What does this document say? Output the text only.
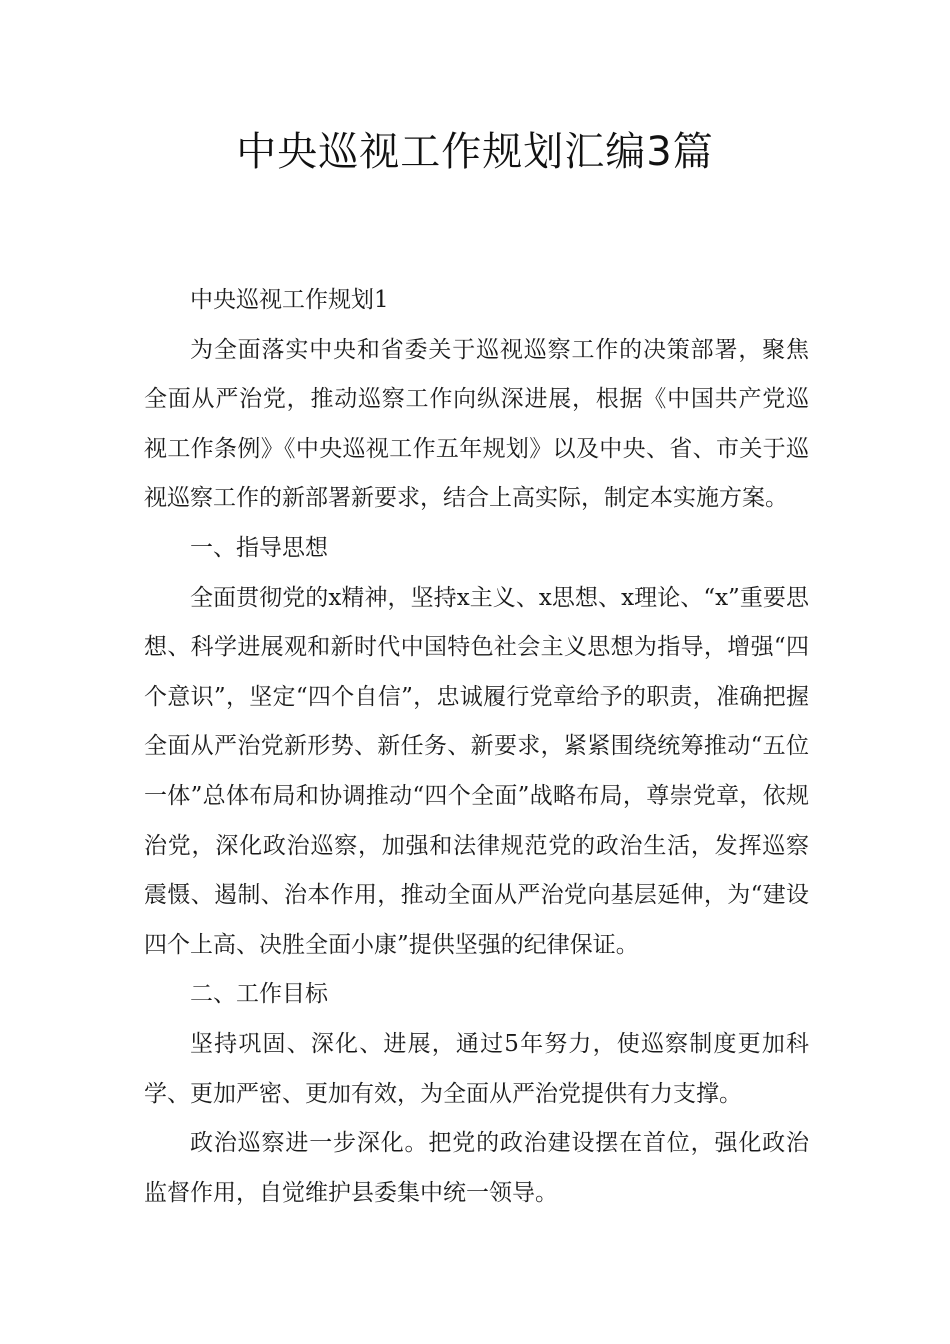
中央巡视工作规划汇编3篇

中央巡视工作规划1

为全面落实中央和省委关于巡视巡察工作的决策部署，聚焦全面从严治党，推动巡察工作向纵深进展，根据《中国共产党巡视工作条例》《中央巡视工作五年规划》以及中央、省、市关于巡视巡察工作的新部署新要求，结合上高实际，制定本实施方案。

一、指导思想

全面贯彻党的x精神，坚持x主义、x思想、x理论、“x”重要思想、科学进展观和新时代中国特色社会主义思想为指导，增强“四个意识”，坚定“四个自信”，忠诚履行党章给予的职责，准确把握全面从严治党新形势、新任务、新要求，紧紧围绕统筹推动“五位一体”总体布局和协调推动“四个全面”战略布局，尊崇党章，依规治党，深化政治巡察，加强和法律规范党的政治生活，发挥巡察震慑、遏制、治本作用，推动全面从严治党向基层延伸，为“建设四个上高、决胜全面小康”提供坚强的纪律保证。

二、工作目标

坚持巩固、深化、进展，通过5年努力，使巡察制度更加科学、更加严密、更加有效，为全面从严治党提供有力支撑。

政治巡察进一步深化。把党的政治建设摆在首位，强化政治监督作用，自觉维护县委集中统一领导。
